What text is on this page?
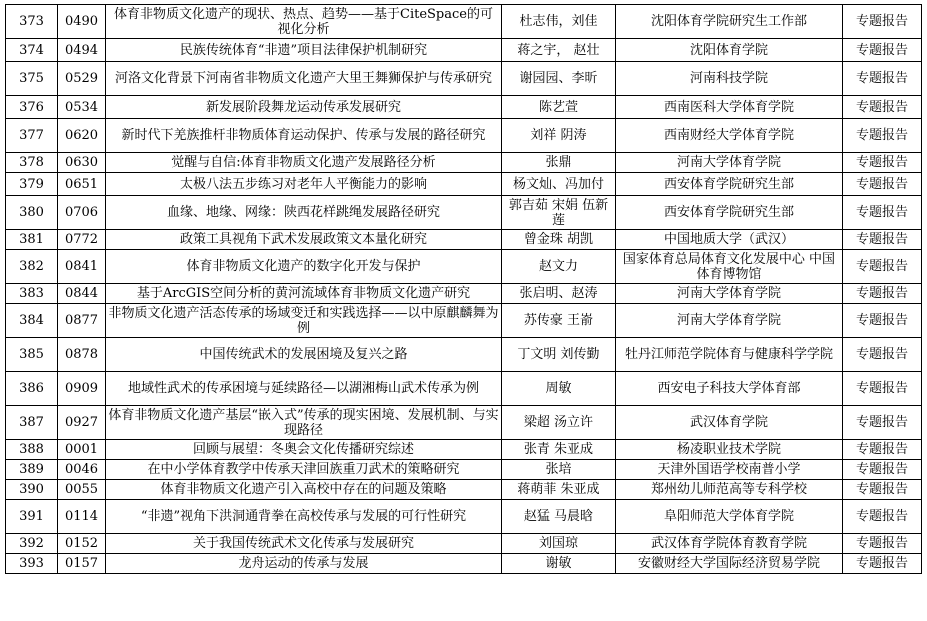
373	0490	体育非物质文化遗产的现状、热点、趋势——基于CiteSpace的可视化分析	杜志伟，刘佳	沈阳体育学院研究生工作部	专题报告
374	0494	民族传统体育“非遗”项目法律保护机制研究	蒋之宇， 赵壮	沈阳体育学院	专题报告
375	0529	河洛文化背景下河南省非物质文化遗产大里王舞狮保护与传承研究	谢园园、李昕	河南科技学院	专题报告
376	0534	新发展阶段舞龙运动传承发展研究	陈艺萱	西南医科大学体育学院	专题报告
377	0620	新时代下羌族推杆非物质体育运动保护、传承与发展的路径研究	刘祥 阴涛	西南财经大学体育学院	专题报告
378	0630	觉醒与自信:体育非物质文化遗产发展路径分析	张鼎	河南大学体育学院	专题报告
379	0651	太极八法五步练习对老年人平衡能力的影响	杨文灿、冯加付	西安体育学院研究生部	专题报告
380	0706	血缘、地缘、网缘：陕西花样跳绳发展路径研究	郭吉茹 宋娟 伍新莲	西安体育学院研究生部	专题报告
381	0772	政策工具视角下武术发展政策文本量化研究	曾金珠 胡凯	中国地质大学（武汉）	专题报告
382	0841	体育非物质文化遗产的数字化开发与保护	赵文力	国家体育总局体育文化发展中心 中国体育博物馆	专题报告
383	0844	基于ArcGIS空间分析的黄河流域体育非物质文化遗产研究	张启明、赵涛	河南大学体育学院	专题报告
384	0877	非物质文化遗产活态传承的场域变迁和实践选择——以中原麒麟舞为例	苏传豪 王嵛	河南大学体育学院	专题报告
385	0878	中国传统武术的发展困境及复兴之路	丁文明 刘传勤	牡丹江师范学院体育与健康科学学院	专题报告
386	0909	地域性武术的传承困境与延续路径—以湖湘梅山武术传承为例	周敏	西安电子科技大学体育部	专题报告
387	0927	体育非物质文化遗产基层“嵌入式”传承的现实困境、发展机制、与实现路径	梁超 汤立许	武汉体育学院	专题报告
388	0001	回顾与展望：冬奥会文化传播研究综述	张青 朱亚成	杨凌职业技术学院	专题报告
389	0046	在中小学体育教学中传承天津回族重刀武术的策略研究	张培	天津外国语学校南普小学	专题报告
390	0055	体育非物质文化遗产引入高校中存在的问题及策略	蒋萌菲 朱亚成	郑州幼儿师范高等专科学校	专题报告
391	0114	“非遗”视角下洪洞通背拳在高校传承与发展的可行性研究	赵猛 马晨晗	阜阳师范大学体育学院	专题报告
392	0152	关于我国传统武术文化传承与发展研究	刘国琼	武汉体育学院体育教育学院	专题报告
393	0157	龙舟运动的传承与发展	谢敏	安徽财经大学国际经济贸易学院	专题报告
